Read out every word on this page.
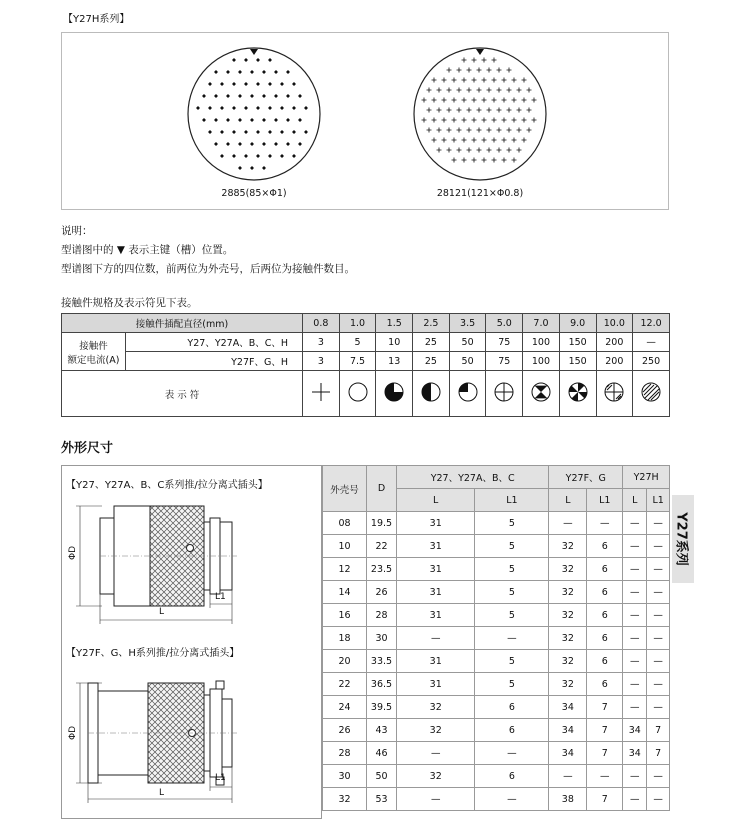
【Y27H系列】
2885(85×Φ1)	28121(121×Φ0.8)
说明：
型谱图中的 ▼ 表示主键（槽）位置。
型谱图下方的四位数，前两位为外壳号，后两位为接触件数目。
接触件规格及表示符见下表。
接触件插配直径(mm)		0.8	1.0	1.5	2.5	3.5	5.0	7.0	9.0	10.0	12.0

接触件
额定电流(A)	Y27、Y27A、B、C、H	3	5	10	25	50	75	100	150	200	—
	Y27F、G、H	3	7.5	13	25	50	75	100	150	200	250
表 示 符										
外形尺寸
【Y27、Y27A、B、C系列推/拉分离式插头】
ΦD
L1
L
【Y27F、G、H系列推/拉分离式插头】
ΦD
L1
L
外壳号	D	Y27、Y27A、B、C		Y27F、G		Y27H	
		L	L1	L	L1	L	L1
08	19.5	31	5	—	—	—	—
10	22	31	5	32	6	—	—
12	23.5	31	5	32	6	—	—
14	26	31	5	32	6	—	—
16	28	31	5	32	6	—	—
18	30	—	—	32	6	—	—
20	33.5	31	5	32	6	—	—
22	36.5	31	5	32	6	—	—
24	39.5	32	6	34	7	—	—
26	43	32	6	34	7	34	7
28	46	—	—	34	7	34	7
30	50	32	6	—	—	—	—
32	53	—	—	38	7	—	—
Y27系列
